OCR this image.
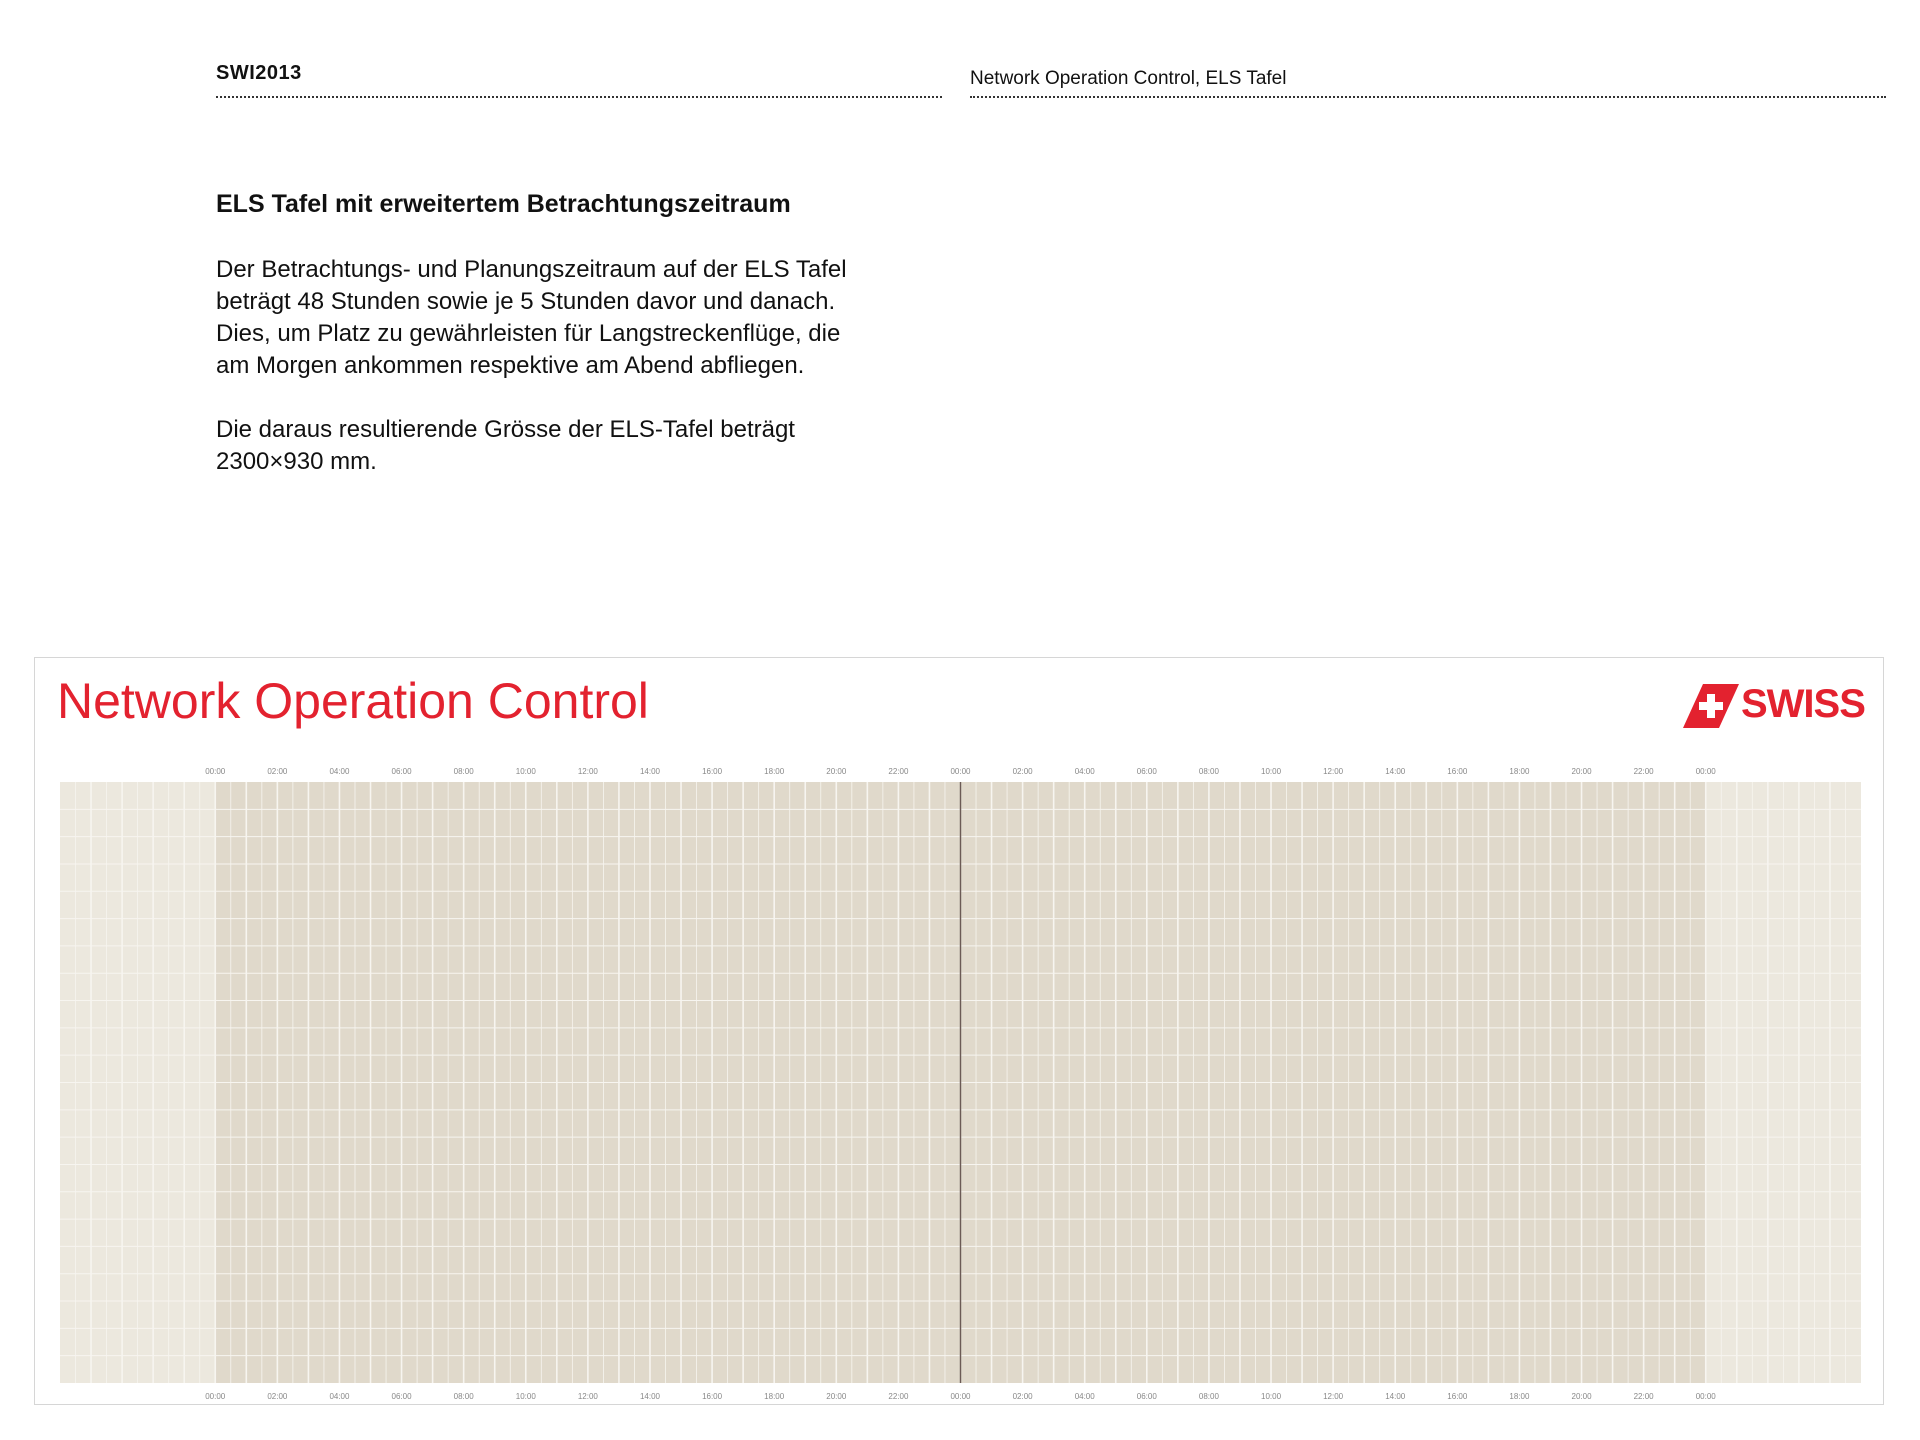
SWI2013	Network Operation Control, ELS Tafel
ELS Tafel mit erweitertem Betrachtungszeitraum

Der Betrachtungs- und Planungszeitraum auf der ELS Tafel
beträgt 48 Stunden sowie je 5 Stunden davor und danach.
Dies, um Platz zu gewährleisten für Langstreckenflüge, die
am Morgen ankommen respektive am Abend abfliegen.

Die daraus resultierende Grösse der ELS-Tafel beträgt
2300×930 mm.

00:00
00:00
02:00
02:00
04:00
04:00
06:00
06:00
08:00
08:00
10:00
10:00
12:00
12:00
14:00
14:00
16:00
16:00
18:00
18:00
20:00
20:00
22:00
22:00
00:00
00:00
02:00
02:00
04:00
04:00
06:00
06:00
08:00
08:00
10:00
10:00
12:00
12:00
14:00
14:00
16:00
16:00
18:00
18:00
20:00
20:00
22:00
22:00
00:00
00:00
Network Operation Control	SWISS
